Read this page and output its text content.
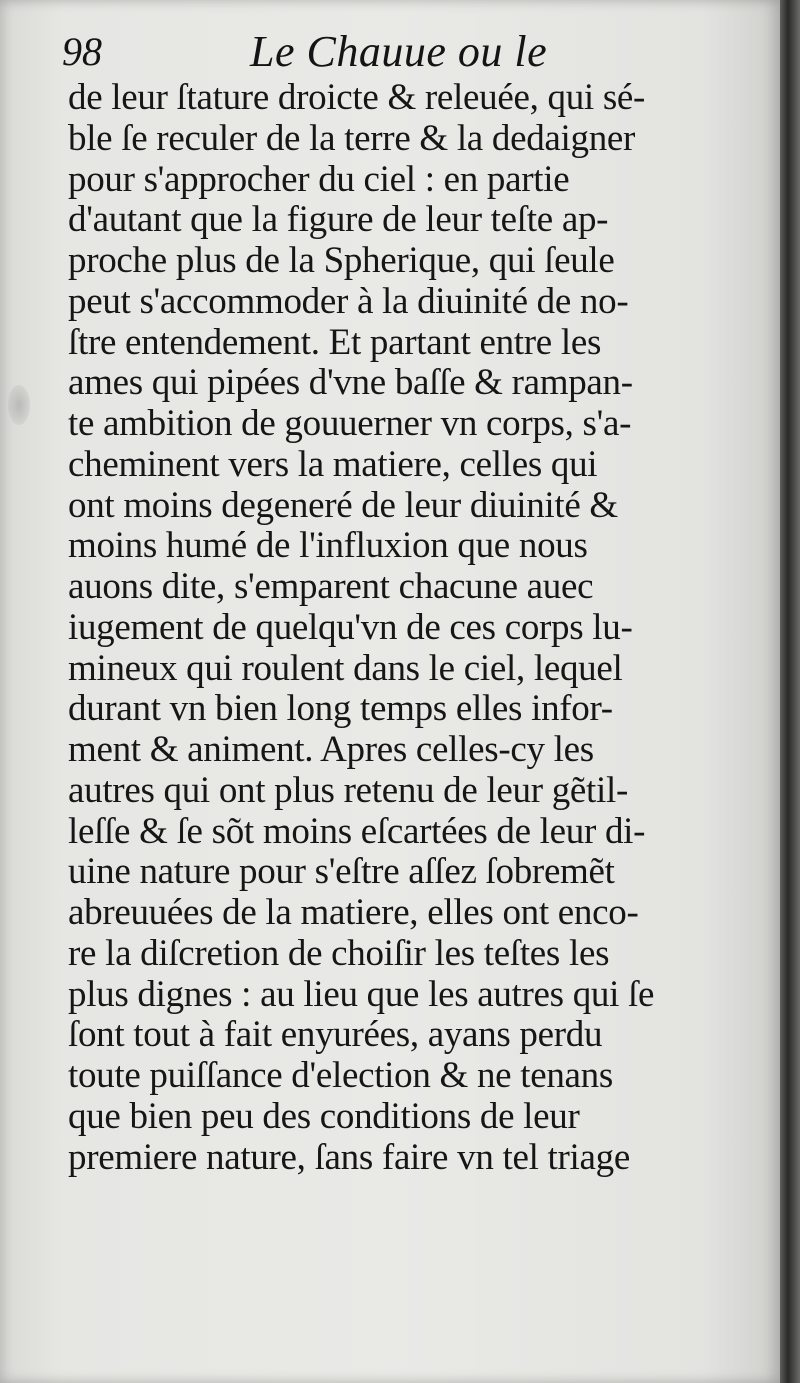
98	Le Chauue ou le
de leur ſtature droicte & releuée, qui sé-
ble ſe reculer de la terre & la dedaigner
pour s'approcher du ciel : en partie
d'autant que la figure de leur teſte ap-
proche plus de la Spherique, qui ſeule
peut s'accommoder à la diuinité de no-
ſtre entendement. Et partant entre les
ames qui pipées d'vne baſſe & rampan-
te ambition de gouuerner vn corps, s'a-
cheminent vers la matiere, celles qui
ont moins degeneré de leur diuinité &
moins humé de l'influxion que nous
auons dite, s'emparent chacune auec
iugement de quelqu'vn de ces corps lu-
mineux qui roulent dans le ciel, lequel
durant vn bien long temps elles infor-
ment & animent. Apres celles-cy les
autres qui ont plus retenu de leur gẽtil-
leſſe & ſe sõt moins eſcartées de leur di-
uine nature pour s'eſtre aſſez ſobremẽt
abreuuées de la matiere, elles ont enco-
re la diſcretion de choiſir les teſtes les
plus dignes : au lieu que les autres qui ſe
ſont tout à fait enyurées, ayans perdu
toute puiſſance d'election & ne tenans
que bien peu des conditions de leur
premiere nature, ſans faire vn tel triage
